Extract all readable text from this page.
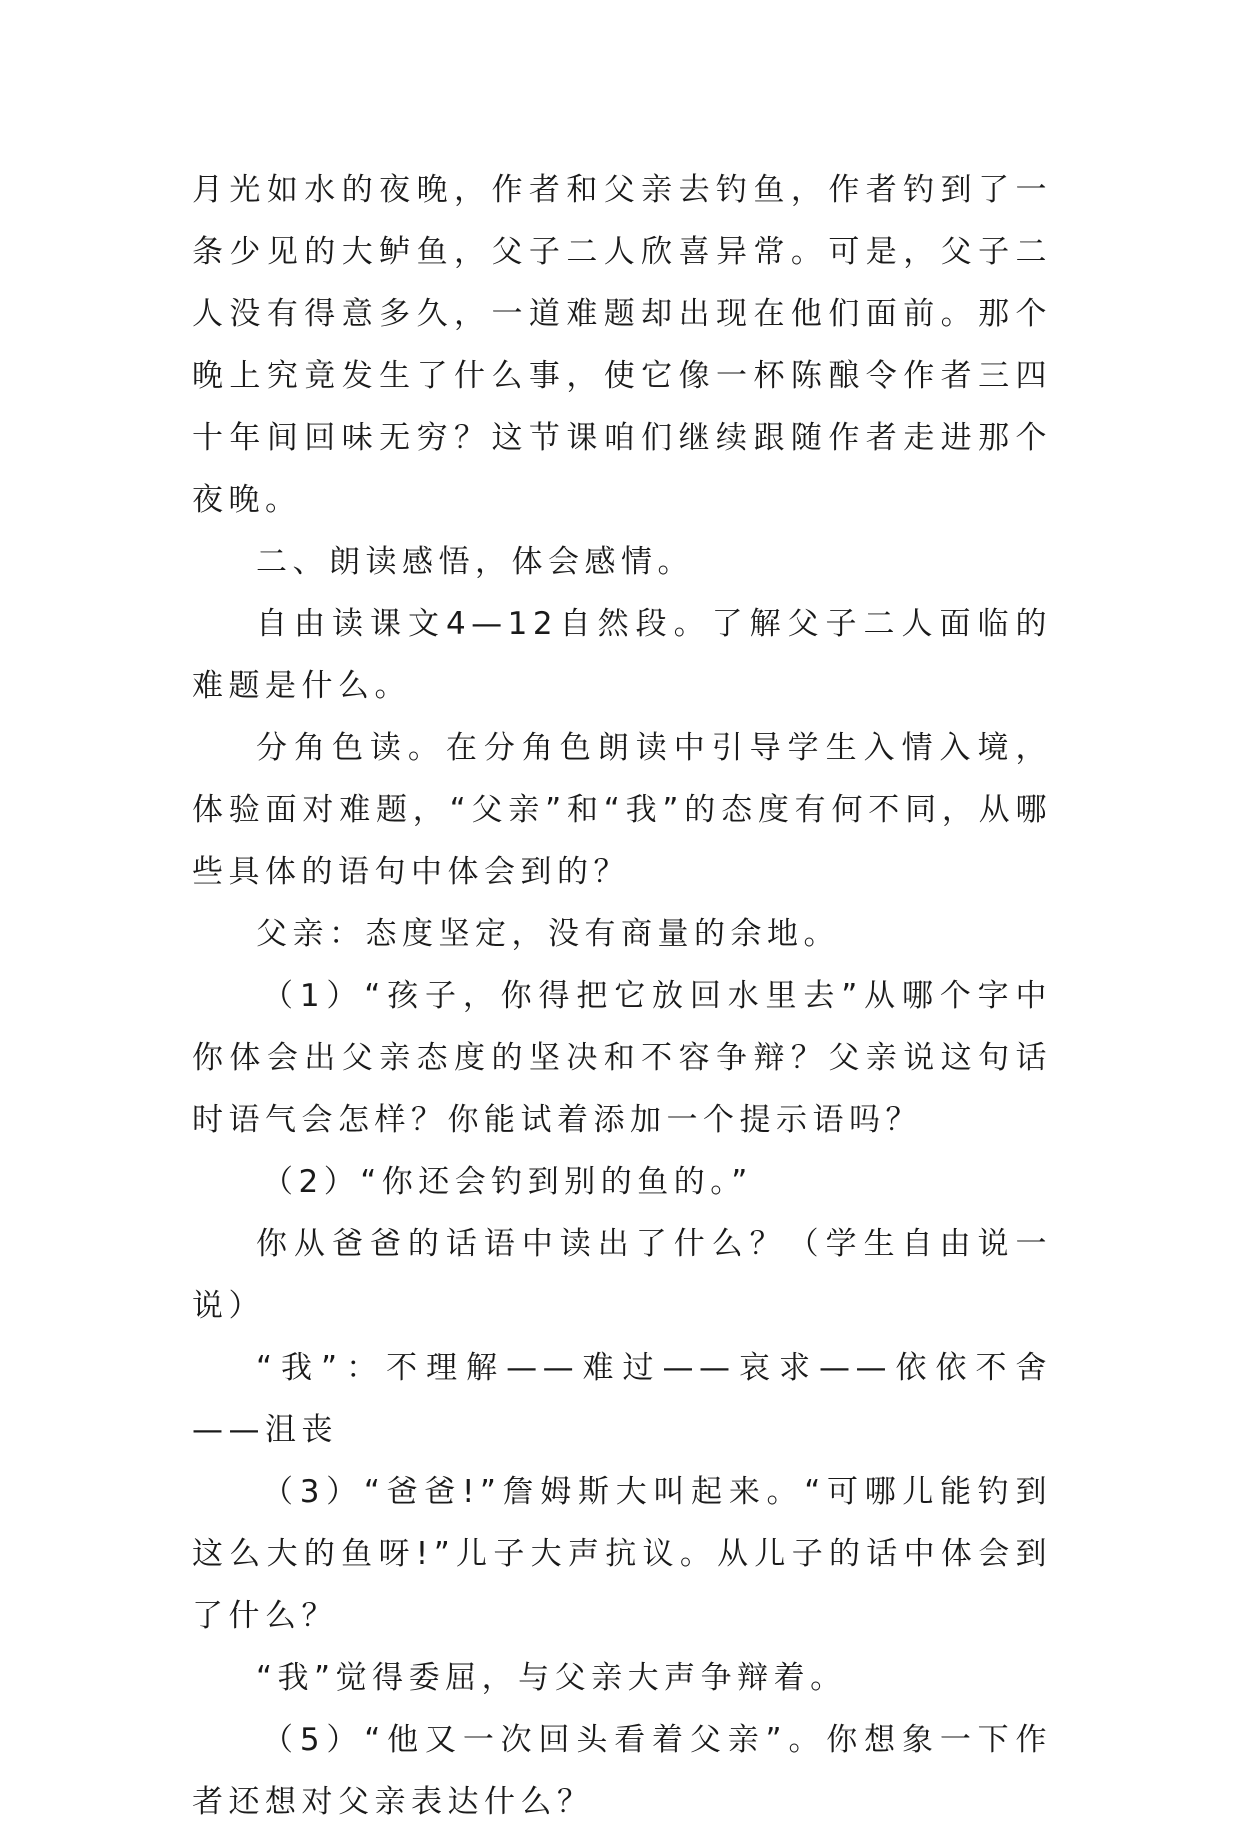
月光如水的夜晚，作者和父亲去钓鱼，作者钓到了一条少见的大鲈鱼，父子二人欣喜异常。可是，父子二人没有得意多久，一道难题却出现在他们面前。那个晚上究竟发生了什么事，使它像一杯陈酿令作者三四十年间回味无穷？这节课咱们继续跟随作者走进那个夜晚。

二、朗读感悟，体会感情。

自由读课文4—12自然段。了解父子二人面临的难题是什么。

分角色读。在分角色朗读中引导学生入情入境，体验面对难题，“父亲”和“我”的态度有何不同，从哪些具体的语句中体会到的？

父亲：态度坚定，没有商量的余地。

（1）“孩子，你得把它放回水里去”从哪个字中你体会出父亲态度的坚决和不容争辩？父亲说这句话时语气会怎样？你能试着添加一个提示语吗？

（2）“你还会钓到别的鱼的。”

你从爸爸的话语中读出了什么？（学生自由说一说）

“我”：不理解——难过——哀求——依依不舍——沮丧

（3）“爸爸!”詹姆斯大叫起来。“可哪儿能钓到这么大的鱼呀!”儿子大声抗议。从儿子的话中体会到了什么？

“我”觉得委屈，与父亲大声争辩着。

（5）“他又一次回头看着父亲”。你想象一下作者还想对父亲表达什么？
